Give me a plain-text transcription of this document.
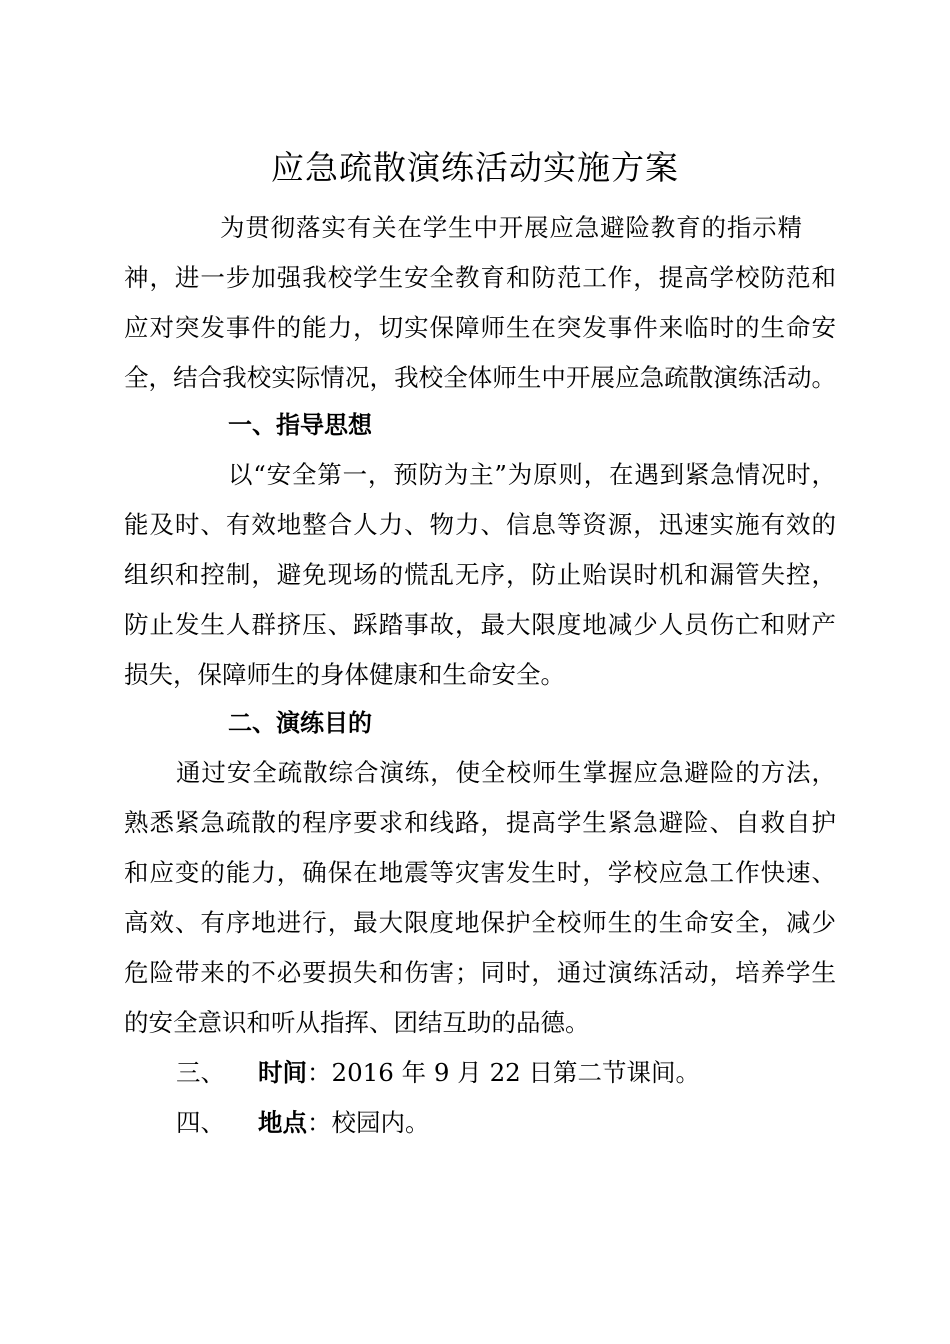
应急疏散演练活动实施方案
为贯彻落实有关在学生中开展应急避险教育的指示精
神，进一步加强我校学生安全教育和防范工作，提高学校防范和
应对突发事件的能力，切实保障师生在突发事件来临时的生命安
全，结合我校实际情况，我校全体师生中开展应急疏散演练活动。
一、指导思想
以“安全第一，预防为主”为原则，在遇到紧急情况时，
能及时、有效地整合人力、物力、信息等资源，迅速实施有效的
组织和控制，避免现场的慌乱无序，防止贻误时机和漏管失控，
防止发生人群挤压、踩踏事故，最大限度地减少人员伤亡和财产
损失，保障师生的身体健康和生命安全。
二、演练目的
通过安全疏散综合演练，使全校师生掌握应急避险的方法，
熟悉紧急疏散的程序要求和线路，提高学生紧急避险、自救自护
和应变的能力，确保在地震等灾害发生时，学校应急工作快速、
高效、有序地进行，最大限度地保护全校师生的生命安全，减少
危险带来的不必要损失和伤害；同时，通过演练活动，培养学生
的安全意识和听从指挥、团结互助的品德。
三、 时间：2016 年 9 月 22 日第二节课间。
四、 地点：校园内。
